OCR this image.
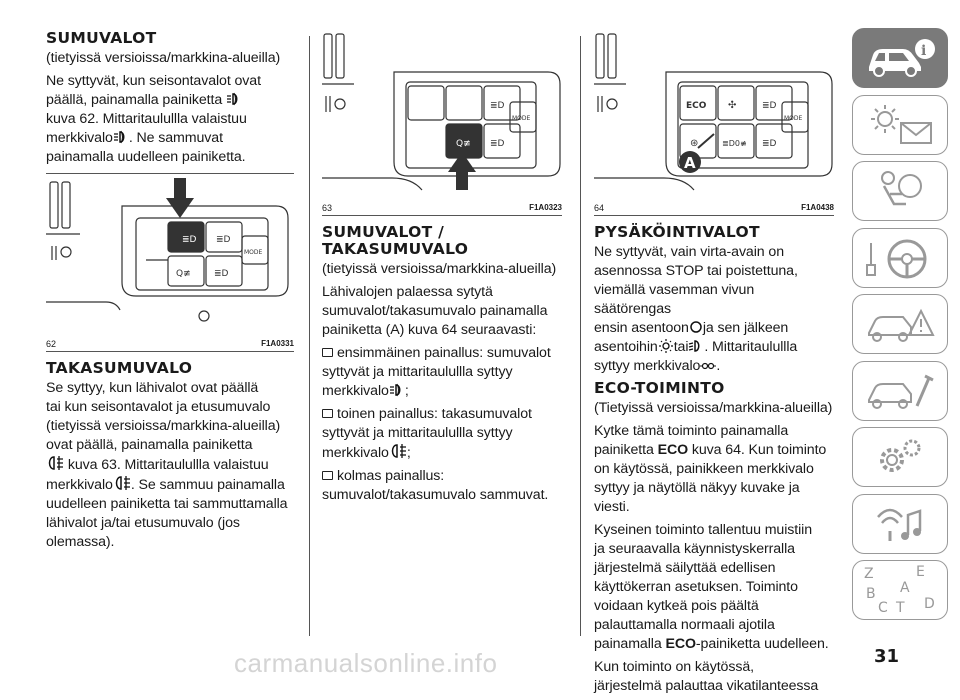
SUMUVALOT

(tietyissä versioissa/markkina-alueilla)

Ne syttyvät, kun seisontavalot ovat
päällä, painamalla painiketta
kuva 62. Mittaritaulullla valaistuu
merkkivalo . Ne sammuvat
painamalla uudelleen painiketta.

≣D ≣D
Q≢	≣D
MODE
62	F1A0331
TAKASUMUVALO

Se syttyy, kun lähivalot ovat päällä
tai kun seisontavalot ja etusumuvalo
(tietyissä versioissa/markkina-alueilla)
ovat päällä, painamalla painiketta
kuva 63. Mittaritaulullla valaistuu
merkkivalo . Se sammuu painamalla
uudelleen painiketta tai sammuttamalla
lähivalot ja/tai etusumuvalo (jos
olemassa).

Q≢
≣D
≣D
MODE
63	F1A0323
SUMUVALOT /
TAKASUMUVALO

(tietyissä versioissa/markkina-alueilla)

Lähivalojen palaessa sytytä
sumuvalot/takasumuvalo painamalla
painiketta (A) kuva 64 seuraavasti:

ensimmäinen painallus: sumuvalot
syttyvät ja mittaritaulullla syttyy
merkkivalo ;

toinen painallus: takasumuvalot
syttyvät ja mittaritaulullla syttyy
merkkivalo ;

kolmas painallus:
sumuvalot/takasumuvalo sammuvat.

ECO ✣	≣D
⊛	≣D0≢ ≣D
MODE
A
64	F1A0438
PYSÄKÖINTIVALOT

Ne syttyvät, vain virta-avain on
asennossa STOP tai poistettuna,
viemällä vasemman vivun säätörengas
ensin asentoon ja sen jälkeen
asentoihin tai . Mittaritaulullla
syttyy merkkivalo .

ECO-TOIMINTO

(Tietyissä versioissa/markkina-alueilla)

Kytke tämä toiminto painamalla
painiketta ECO kuva 64. Kun toiminto
on käytössä, painikkeen merkkivalo
syttyy ja näytöllä näkyy kuvake ja viesti.

Kyseinen toiminto tallentuu muistiin
ja seuraavalla käynnistyskerralla
järjestelmä säilyttää edellisen
käyttökerran asetuksen. Toiminto
voidaan kytkeä pois päältä
palauttamalla normaali ajotila
painamalla ECO-painiketta uudelleen.

Kun toiminto on käytössä,
järjestelmä palauttaa vikatilanteessa

i
Z	E
A
B
C T D
31
carmanualsonline.info
